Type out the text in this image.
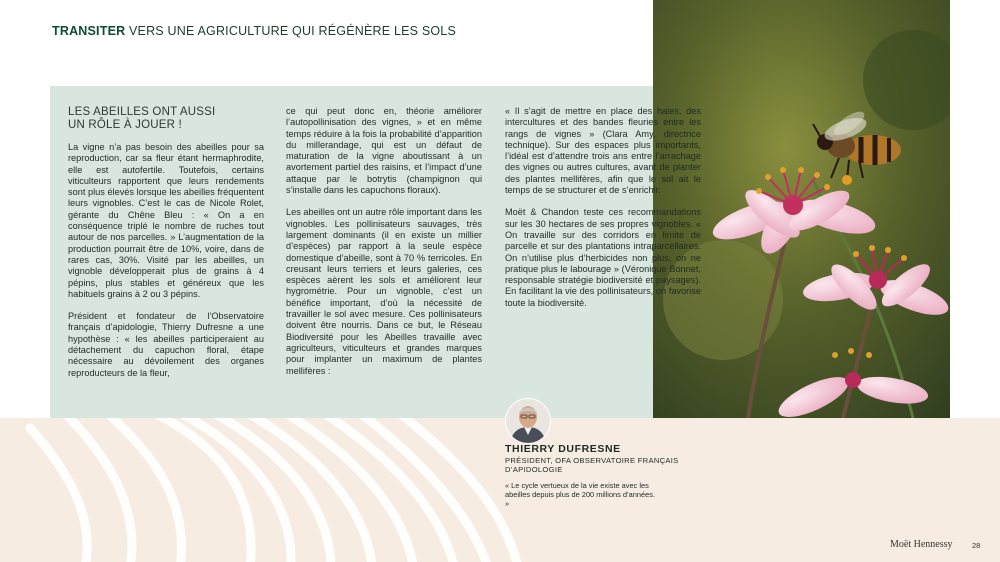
TRANSITER VERS UNE AGRICULTURE QUI RÉGÉNÈRE LES SOLS
LES ABEILLES ONT AUSSI
UN RÔLE À JOUER !

La vigne n’a pas besoin des abeilles pour sa reproduction, car sa fleur étant hermaphrodite, elle est autofertile. Toutefois, certains viticulteurs rapportent que leurs rendements sont plus élevés lorsque les abeilles fréquentent leurs vignobles. C’est le cas de Nicole Rolet, gérante du Chêne Bleu : « On a en conséquence triplé le nombre de ruches tout autour de nos parcelles. » L’augmentation de la production pourrait être de 10%, voire, dans de rares cas, 30%. Visité par les abeilles, un vignoble développerait plus de grains à 4 pépins, plus stables et généreux que les habituels grains à 2 ou 3 pépins.

Président et fondateur de l’Observatoire français d’apidologie, Thierry Dufresne a une hypothèse : « les abeilles participeraient au détachement du capuchon floral, étape nécessaire au dévoilement des organes reproducteurs de la fleur,

ce qui peut donc en, théorie améliorer l’autopollinisation des vignes, » et en même temps réduire à la fois la probabilité d’apparition du millerandage, qui est un défaut de maturation de la vigne aboutissant à un avortement partiel des raisins, et l’impact d’une attaque par le botrytis (champignon qui s’installe dans les capuchons floraux).

Les abeilles ont un autre rôle important dans les vignobles. Les pollinisateurs sauvages, très largement dominants (il en existe un millier d’espèces) par rapport à la seule espèce domestique d’abeille, sont à 70 % terricoles. En creusant leurs terriers et leurs galeries, ces espèces aèrent les sols et améliorent leur hygrométrie. Pour un vignoble, c’est un bénéfice important, d’où la nécessité de travailler le sol avec mesure. Ces pollinisateurs doivent être nourris. Dans ce but, le Réseau Biodiversité pour les Abeilles travaille avec agriculteurs, viticulteurs et grandes marques pour implanter un maximum de plantes mellifères :

« Il s’agit de mettre en place des haies, des intercultures et des bandes fleuries entre les rangs de vignes » (Clara Amy, directrice technique). Sur des espaces plus importants, l’idéal est d’attendre trois ans entre l’arrachage des vignes ou autres cultures, avant de planter des plantes mellifères, afin que le sol ait le temps de se structurer et de s’enrichir.

Moët & Chandon teste ces recommandations sur les 30 hectares de ses propres vignobles. « On travaille sur des corridors en limite de parcelle et sur des plantations intraparcellaires. On n’utilise plus d’herbicides non plus, on ne pratique plus le labourage » (Véronique Bonnet, responsable stratégie biodiversité et paysages). En facilitant la vie des pollinisateurs, on favorise toute la biodiversité.

THIERRY DUFRESNE
PRÉSIDENT, OFA OBSERVATOIRE FRANÇAIS D’APIDOLOGIE
« Le cycle vertueux de la vie existe avec les abeilles depuis plus de 200 millions d’années. »
Moët Hennessy	28
